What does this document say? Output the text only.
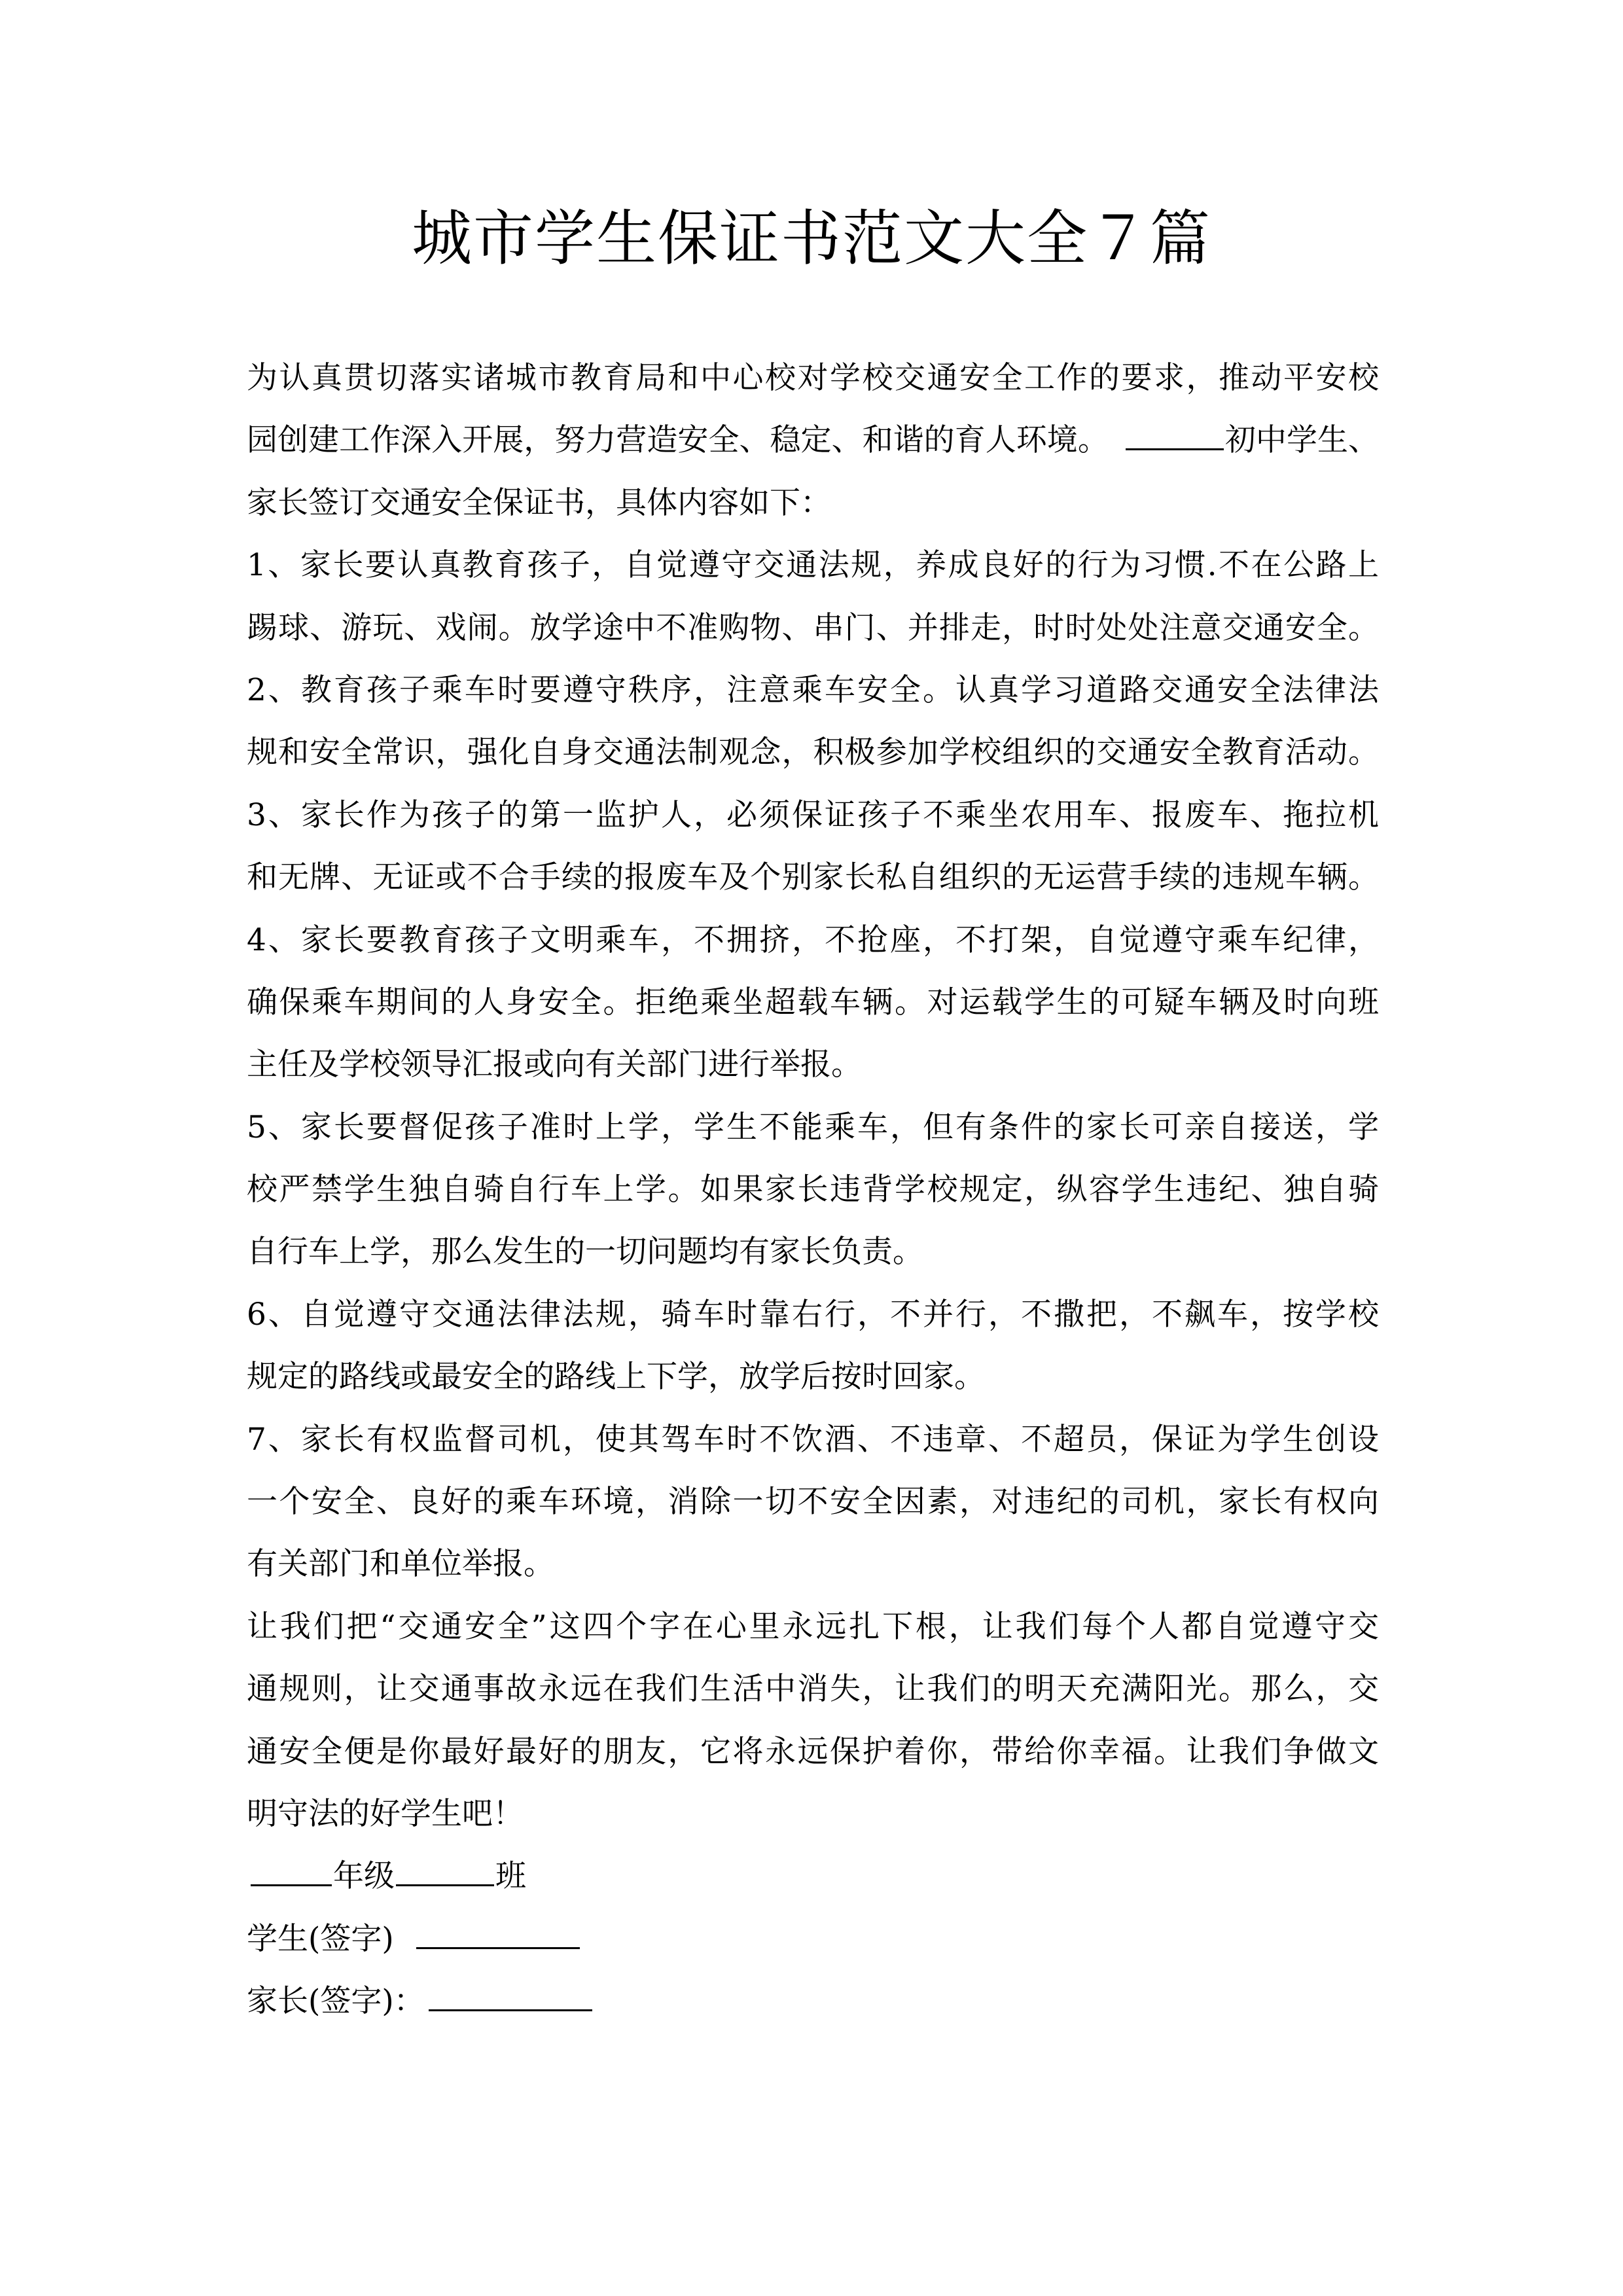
城市学生保证书范文大全７篇
为认真贯切落实诸城市教育局和中心校对学校交通安全工作的要求，推动平安校
园创建工作深入开展，努力营造安全、稳定、和谐的育人环境。	初中学生、
家长签订交通安全保证书，具体内容如下：
1、家长要认真教育孩子，自觉遵守交通法规，养成良好的行为习惯.不在公路上
踢球、游玩、戏闹。放学途中不准购物、串门、并排走，时时处处注意交通安全。
2、教育孩子乘车时要遵守秩序，注意乘车安全。认真学习道路交通安全法律法
规和安全常识，强化自身交通法制观念，积极参加学校组织的交通安全教育活动。
3、家长作为孩子的第一监护人，必须保证孩子不乘坐农用车、报废车、拖拉机
和无牌、无证或不合手续的报废车及个别家长私自组织的无运营手续的违规车辆。
4、家长要教育孩子文明乘车，不拥挤，不抢座，不打架，自觉遵守乘车纪律，
确保乘车期间的人身安全。拒绝乘坐超载车辆。对运载学生的可疑车辆及时向班
主任及学校领导汇报或向有关部门进行举报。
5、家长要督促孩子准时上学，学生不能乘车，但有条件的家长可亲自接送，学
校严禁学生独自骑自行车上学。如果家长违背学校规定，纵容学生违纪、独自骑
自行车上学，那么发生的一切问题均有家长负责。
6、自觉遵守交通法律法规，骑车时靠右行，不并行，不撒把，不飙车，按学校
规定的路线或最安全的路线上下学，放学后按时回家。
7、家长有权监督司机，使其驾车时不饮酒、不违章、不超员，保证为学生创设
一个安全、良好的乘车环境，消除一切不安全因素，对违纪的司机，家长有权向
有关部门和单位举报。
让我们把“交通安全”这四个字在心里永远扎下根，让我们每个人都自觉遵守交
通规则，让交通事故永远在我们生活中消失，让我们的明天充满阳光。那么，交
通安全便是你最好最好的朋友，它将永远保护着你，带给你幸福。让我们争做文
明守法的好学生吧！
年级	班
学生(签字)
家长(签字)：
